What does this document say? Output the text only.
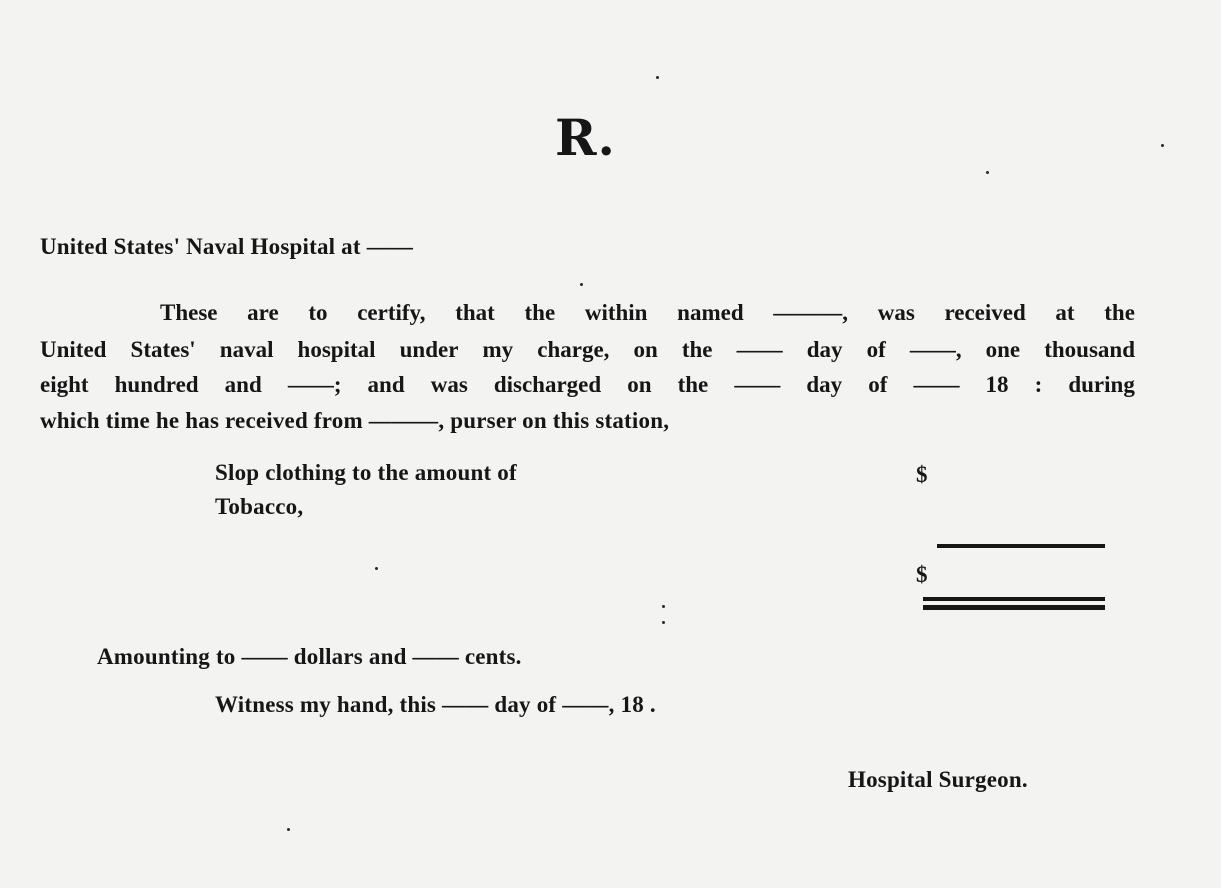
R.
United States' Naval Hospital at ——
These are to certify, that the within named ———, was received at the
United States' naval hospital under my charge, on the —— day of ——, one thousand
eight hundred and ——; and was discharged on the —— day of —— 18 : during
which time he has received from ———, purser on this station,
Slop clothing to the amount of	$
Tobacco,
$
Amounting to —— dollars and —— cents.
Witness my hand, this —— day of ——, 18 .
Hospital Surgeon.
